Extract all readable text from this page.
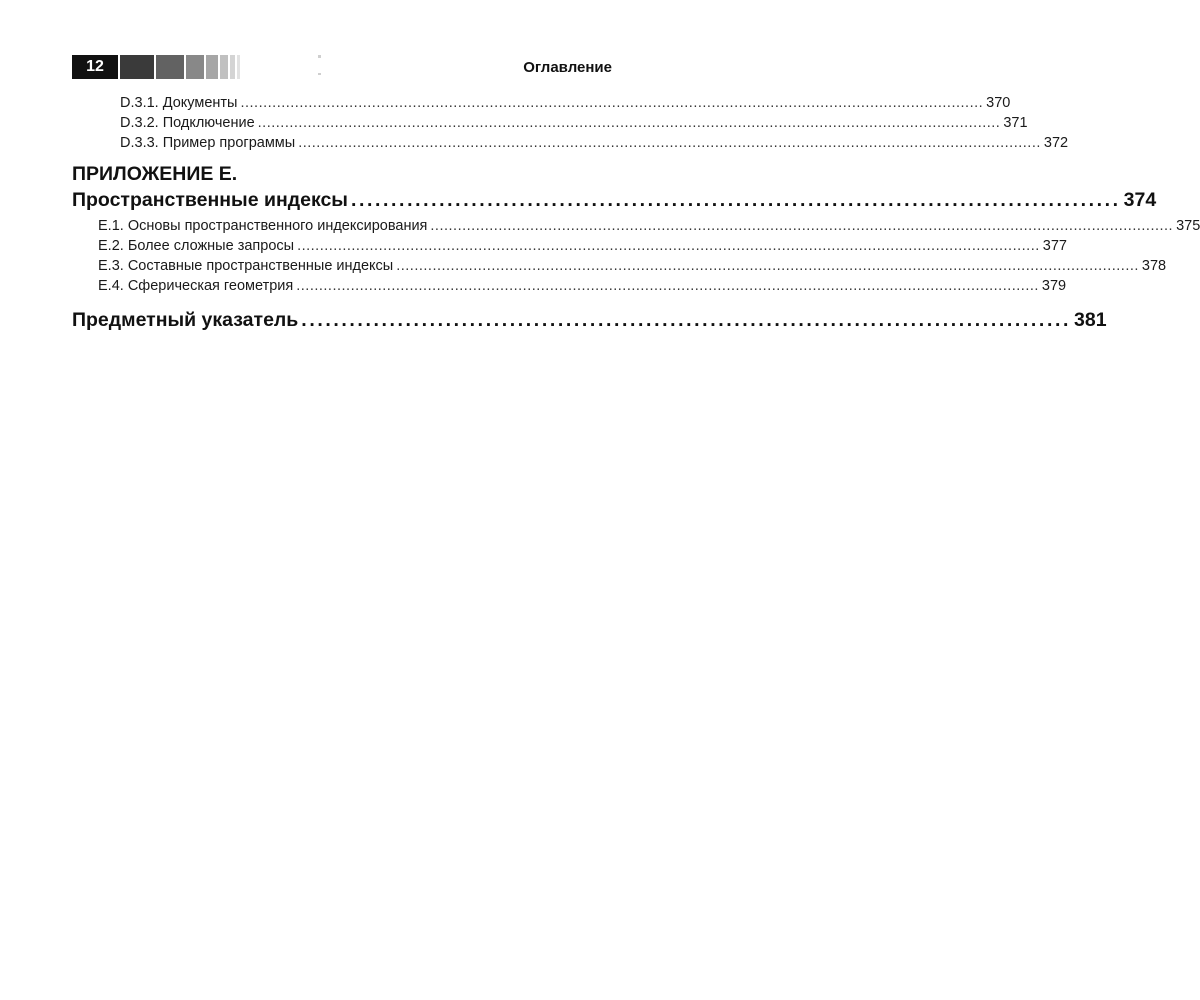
12	Оглавление
D.3.1. Документы .................................................................................................................................................................... 370
D.3.2. Подключение .................................................................................................................................................................... 371
D.3.3. Пример программы .................................................................................................................................................................... 372
ПРИЛОЖЕНИЕ Е.
Пространственные индексы ................................................................................................ 374
Е.1. Основы пространственного индексирования .................................................................................................................................................................... 375
Е.2. Более сложные запросы .................................................................................................................................................................... 377
Е.3. Составные пространственные индексы .................................................................................................................................................................... 378
Е.4. Сферическая геометрия .................................................................................................................................................................... 379
Предметный указатель ................................................................................................ 381
